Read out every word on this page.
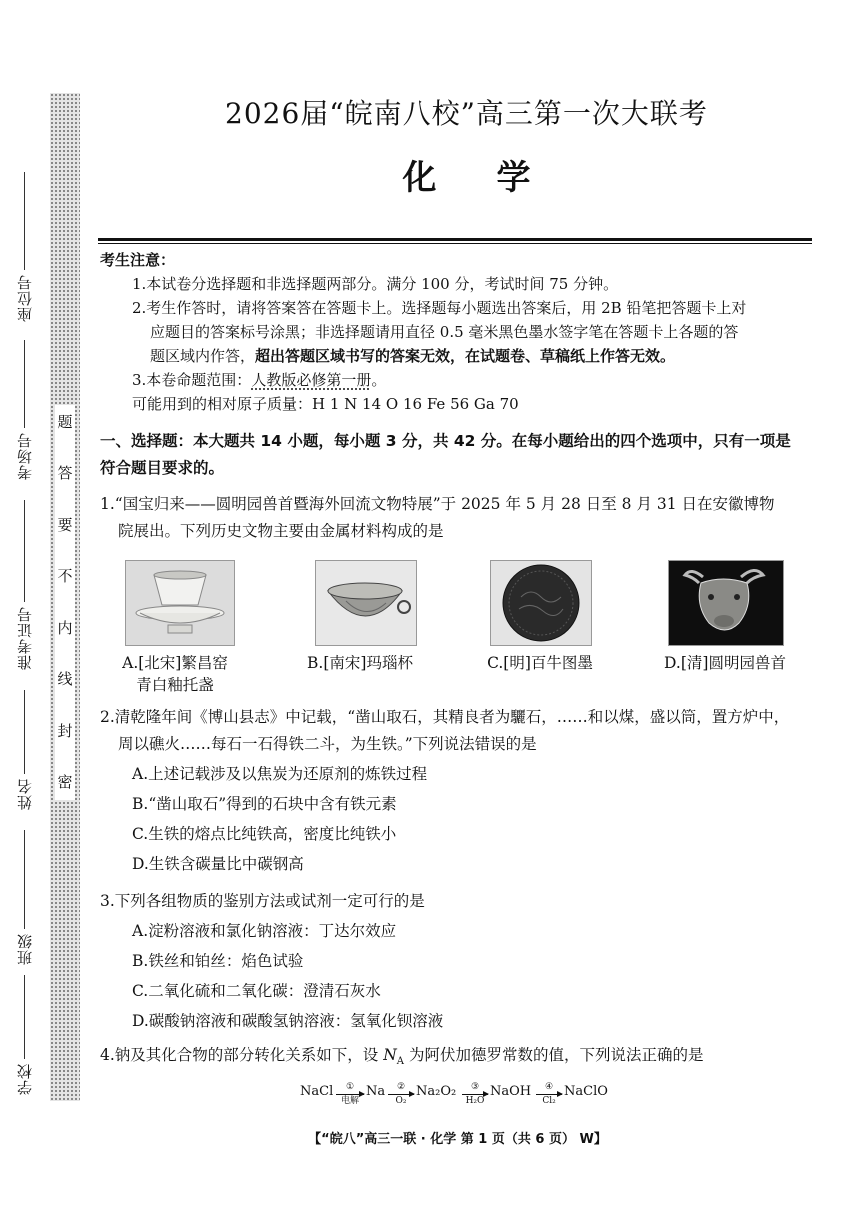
题
答
要
不
内
线
封
密
座位号
考场号
准考证号
姓名
班级
学校
2026届“皖南八校”高三第一次大联考
化学
考生注意：
1.本试卷分选择题和非选择题两部分。满分 100 分，考试时间 75 分钟。
2.考生作答时，请将答案答在答题卡上。选择题每小题选出答案后，用 2B 铅笔把答题卡上对
应题目的答案标号涂黑；非选择题请用直径 0.5 毫米黑色墨水签字笔在答题卡上各题的答
题区域内作答，超出答题区域书写的答案无效，在试题卷、草稿纸上作答无效。
3.本卷命题范围：人教版必修第一册。
可能用到的相对原子质量：H 1 N 14 O 16 Fe 56 Ga 70
一、选择题：本大题共 14 小题，每小题 3 分，共 42 分。在每小题给出的四个选项中，只有一项是
符合题目要求的。
1.“国宝归来——圆明园兽首暨海外回流文物特展”于 2025 年 5 月 28 日至 8 月 31 日在安徽博物
院展出。下列历史文物主要由金属材料构成的是
A.[北宋]繁昌窑
青白釉托盏
B.[南宋]玛瑙杯	C.[明]百牛图墨	D.[清]圆明园兽首
2.清乾隆年间《博山县志》中记载，“凿山取石，其精良者为驪石，……和以煤，盛以筒，置方炉中，
周以礁火……每石一石得铁二斗，为生铁。”下列说法错误的是
A.上述记载涉及以焦炭为还原剂的炼铁过程
B.“凿山取石”得到的石块中含有铁元素
C.生铁的熔点比纯铁高，密度比纯铁小
D.生铁含碳量比中碳钢高
3.下列各组物质的鉴别方法或试剂一定可行的是
A.淀粉溶液和氯化钠溶液：丁达尔效应
B.铁丝和铂丝：焰色试验
C.二氧化硫和二氧化碳：澄清石灰水
D.碳酸钠溶液和碳酸氢钠溶液：氢氧化钡溶液
4.钠及其化合物的部分转化关系如下，设 $N_A$ 为阿伏加德罗常数的值，下列说法正确的是
NaCl	①
电解
Na	②
O₂
Na₂O₂	③
H₂O
NaOH	④
Cl₂
NaClO
【“皖八”高三一联 · 化学 第 1 页（共 6 页） W】
